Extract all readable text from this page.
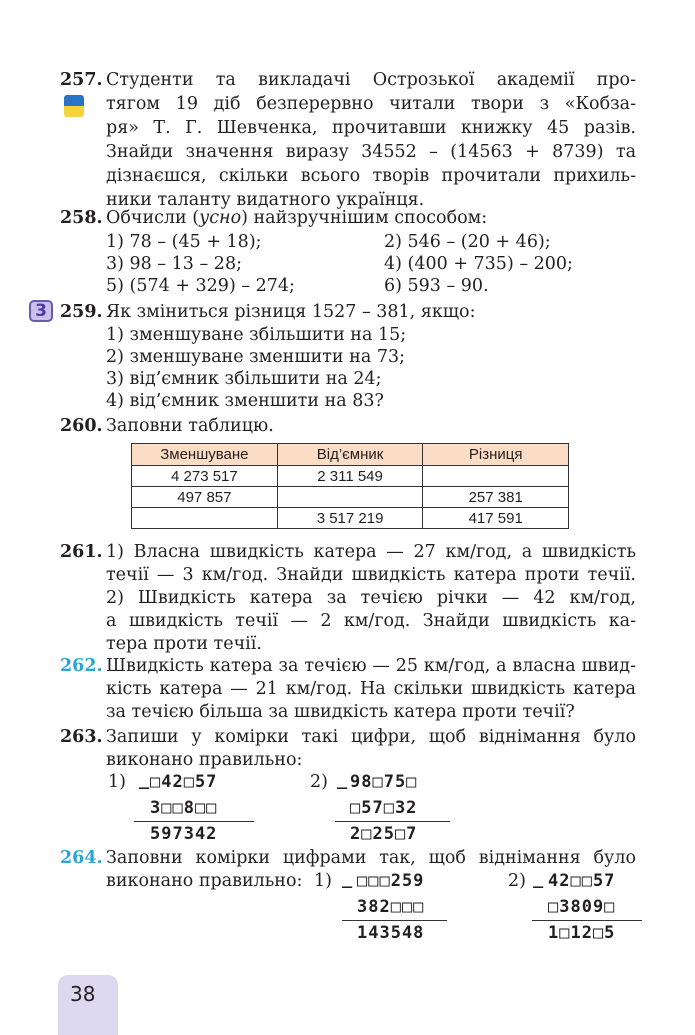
257. Студенти та викладачі Острозької академії про-
тягом 19 діб безперервно читали твори з «Кобза-
ря» Т. Г. Шевченка, прочитавши книжку 45 разів.
Знайди значення виразу 34552 – (14563 + 8739) та
дізнаєшся, скільки всього творів прочитали прихиль-
ники таланту видатного українця.
258. Обчисли (усно) найзручнішим способом:
1) 78 – (45 + 18);	2) 546 – (20 + 46);
3) 98 – 13 – 28;	4) (400 + 735) – 200;
5) (574 + 329) – 274;	6) 593 – 90.
3 259. Як зміниться різниця 1527 – 381, якщо:
1) зменшуване збільшити на 15;
2) зменшуване зменшити на 73;
3) від’ємник збільшити на 24;
4) від’ємник зменшити на 83?
260. Заповни таблицю.
Зменшуване	Від’ємник	Різниця
4 273 517	2 311 549	
497 857		257 381
	3 517 219	417 591
261. 1) Власна швидкість катера — 27 км/год, а швидкість
течії — 3 км/год. Знайди швидкість катера проти течії.
2) Швидкість катера за течією річки — 42 км/год,
а швидкість течії — 2 км/год. Знайди швидкість ка-
тера проти течії.
262. Швидкість катера за течією — 25 км/год, а власна швид-
кість катера — 21 км/год. На скільки швидкість катера
за течією більша за швидкість катера проти течії?
263. Запиши у комірки такі цифри, щоб віднімання було
виконано правильно:
1) _ □42□57
3□□8□□
597342
2) _ 98□75□
□57□32
2□25□7
264. Заповни комірки цифрами так, щоб віднімання було
виконано правильно: 1) _ □□□259
382□□□
143548
2) _ 42□□57
□3809□
1□12□5
38
